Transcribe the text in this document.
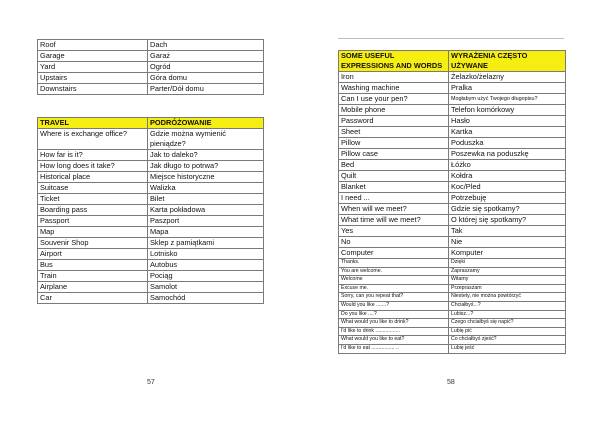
Roof	Dach
Garage	Garaż
Yard	Ogród
Upstairs	Góra domu
Downstairs	Parter/Dół domu
TRAVEL	PODRÓŻOWANIE
Where is exchange office?	Gdzie można wymienić pieniądze?
How far is it?	Jak to daleko?
How long does it take?	Jak długo to potrwa?
Historical place	Miejsce historyczne
Suitcase	Walizka
Ticket	Bilet
Boarding pass	Karta pokładowa
Passport	Paszport
Map	Mapa
Souvenir Shop	Sklep z pamiątkami
Airport	Lotnisko
Bus	Autobus
Train	Pociąg
Airplane	Samolot
Car	Samochód
57
SOME USEFUL EXPRESSIONS AND WORDS	WYRAŻENIA CZĘSTO UŻYWANE
Iron	Żelazko/żelazny
Washing machine	Pralka
Can I use your pen?	Mogłabym użyć Twojego długopisu?
Mobile phone	Telefon komórkowy
Password	Hasło
Sheet	Kartka
Pillow	Poduszka
Pillow case	Poszewka na poduszkę
Bed	Łóżko
Quilt	Kołdra
Blanket	Koc/Pled
I need ...	Potrzebuję
When will we meet?	Gdzie się spotkamy?
What time will we meet?	O której się spotkamy?
Yes	Tak
No	Nie
Computer	Komputer
Thanks.	Dzięki
You are welcome.	Zapraszamy
Welcome	Witamy
Excuse me.	Przepraszam
Sorry, can you repeat that?	Niestety, nie można powtórzyć
Would you like .......?	Chciałbyś...?
Do you like ....?	Lubisz...?
What would you like to drink?	Czego chciałbyś się napić?
I'd like to drink .................	Lubię pić
What would you like to eat?	Co chciałbyś zjeść?
I'd like to eat ................ ..	Lubię jeść
58
